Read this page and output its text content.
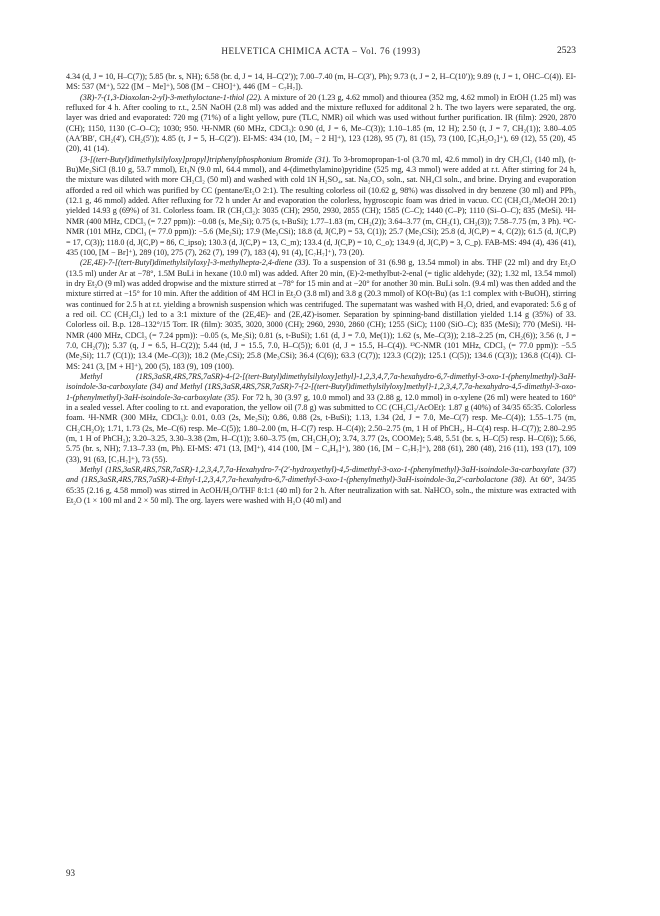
HELVETICA CHIMICA ACTA – Vol. 76 (1993)	2523

4.34 (d, J = 10, H–C(7)); 5.85 (br. s, NH); 6.58 (br. d, J = 14, H–C(2′)); 7.00–7.40 (m, H–C(3′), Ph); 9.73 (t, J = 2, H–C(10′)); 9.89 (t, J = 1, OHC–C(4)). EI-MS: 537 (M⁺), 522 ([M − Me]⁺), 508 ([M − CHO]⁺), 446 ([M − C₇H₇]).

(3R)-7-(1,3-Dioxolan-2-yl)-3-methyloctane-1-thiol (22). A mixture of 20 (1.23 g, 4.62 mmol) and thiourea (352 mg, 4.62 mmol) in EtOH (1.25 ml) was refluxed for 4 h. After cooling to r.t., 2.5N NaOH (2.8 ml) was added and the mixture refluxed for additonal 2 h. The two layers were separated, the org. layer was dried and evaporated: 720 mg (71%) of a light yellow, pure (TLC, NMR) oil which was used without further purification. IR (film): 2920, 2870 (CH); 1150, 1130 (C–O–C); 1030; 950. ¹H-NMR (60 MHz, CDCl₃): 0.90 (d, J = 6, Me–C(3)); 1.10–1.85 (m, 12 H); 2.50 (t, J = 7, CH₂(1)); 3.80–4.05 (AA′BB′, CH₂(4′), CH₂(5′)); 4.85 (t, J = 5, H–C(2′)). EI-MS: 434 (10, [M₂ − 2 H]⁺), 123 (128), 95 (7), 81 (15), 73 (100, [C₃H₅O₂]⁺), 69 (12), 55 (20), 45 (20), 41 (14).

{3-[(tert-Butyl)dimethylsilyloxy]propyl}triphenylphosphonium Bromide (31). To 3-bromopropan-1-ol (3.70 ml, 42.6 mmol) in dry CH₂Cl₂ (140 ml), (t-Bu)Me₂SiCl (8.10 g, 53.7 mmol), Et₃N (9.0 ml, 64.4 mmol), and 4-(dimethylamino)pyridine (525 mg, 4.3 mmol) were added at r.t. After stirring for 24 h, the mixture was diluted with more CH₂Cl₂ (50 ml) and washed with cold 1N H₂SO₄, sat. Na₂CO₃ soln., sat. NH₄Cl soln., and brine. Drying and evaporation afforded a red oil which was purified by CC (pentane/Et₂O 2:1). The resulting colorless oil (10.62 g, 98%) was dissolved in dry benzene (30 ml) and PPh₃ (12.1 g, 46 mmol) added. After refluxing for 72 h under Ar and evaporation the colorless, hygroscopic foam was dried in vacuo. CC (CH₂Cl₂/MeOH 20:1) yielded 14.93 g (69%) of 31. Colorless foam. IR (CH₂Cl₂): 3035 (CH); 2950, 2930, 2855 (CH); 1585 (C–C); 1440 (C–P); 1110 (Si–O–C); 835 (MeSi). ¹H-NMR (400 MHz, CDCl₃ (= 7.27 ppm)): −0.08 (s, Me₂Si); 0.75 (s, t-BuSi); 1.77–1.83 (m, CH₂(2)); 3.64–3.77 (m, CH₂(1), CH₂(3)); 7.58–7.75 (m, 3 Ph). ¹³C-NMR (101 MHz, CDCl₃ (= 77.0 ppm)): −5.6 (Me₂Si); 17.9 (Me₃CSi); 18.8 (d, J(C,P) = 53, C(1)); 25.7 (Me₃CSi); 25.8 (d, J(C,P) = 4, C(2)); 61.5 (d, J(C,P) = 17, C(3)); 118.0 (d, J(C,P) = 86, C_ipso); 130.3 (d, J(C,P) = 13, C_m); 133.4 (d, J(C,P) = 10, C_o); 134.9 (d, J(C,P) = 3, C_p). FAB-MS: 494 (4), 436 (41), 435 (100, [M − Br]⁺), 289 (10), 275 (7), 262 (7), 199 (7), 183 (4), 91 (4), [C₇H₇]⁺), 73 (20).

(2E,4E)-7-[(tert-Butyl)dimethylsilyloxy]-3-methylhepta-2,4-diene (33). To a suspension of 31 (6.98 g, 13.54 mmol) in abs. THF (22 ml) and dry Et₂O (13.5 ml) under Ar at −78°, 1.5M BuLi in hexane (10.0 ml) was added. After 20 min, (E)-2-methylbut-2-enal (= tiglic aldehyde; (32); 1.32 ml, 13.54 mmol) in dry Et₂O (9 ml) was added dropwise and the mixture stirred at −78° for 15 min and at −20° for another 30 min. BuLi soln. (9.4 ml) was then added and the mixture stirred at −15° for 10 min. After the addition of 4M HCl in Et₂O (3.8 ml) and 3.8 g (20.3 mmol) of KO(t-Bu) (as 1:1 complex with t-BuOH), stirring was continued for 2.5 h at r.t. yielding a brownish suspension which was centrifuged. The supernatant was washed with H₂O, dried, and evaporated: 5.6 g of a red oil. CC (CH₂Cl₂) led to a 3:1 mixture of the (2E,4E)- and (2E,4Z)-isomer. Separation by spinning-band distillation yielded 1.14 g (35%) of 33. Colorless oil. B.p. 128–132°/15 Torr. IR (film): 3035, 3020, 3000 (CH); 2960, 2930, 2860 (CH); 1255 (SiC); 1100 (SiO–C); 835 (MeSi); 770 (MeSi). ¹H-NMR (400 MHz, CDCl₃ (= 7.24 ppm)): −0.05 (s, Me₂Si); 0.81 (s, t-BuSi); 1.61 (d, J = 7.0, Me(1)); 1.62 (s, Me–C(3)); 2.18–2.25 (m, CH₂(6)); 3.56 (t, J = 7.0, CH₂(7)); 5.37 (q, J = 6.5, H–C(2)); 5.44 (td, J = 15.5, 7.0, H–C(5)); 6.01 (d, J = 15.5, H–C(4)). ¹³C-NMR (101 MHz, CDCl₃ (= 77.0 ppm)): −5.5 (Me₂Si); 11.7 (C(1)); 13.4 (Me–C(3)); 18.2 (Me₃CSi); 25.8 (Me₃CSi); 36.4 (C(6)); 63.3 (C(7)); 123.3 (C(2)); 125.1 (C(5)); 134.6 (C(3)); 136.8 (C(4)). CI-MS: 241 (3, [M + H]⁺), 200 (5), 183 (9), 109 (100).

Methyl (1RS,3aSR,4RS,7RS,7aSR)-4-{2-[(tert-Butyl)dimethylsilyloxy]ethyl}-1,2,3,4,7,7a-hexahydro-6,7-dimethyl-3-oxo-1-(phenylmethyl)-3aH-isoindole-3a-carboxylate (34) and Methyl (1RS,3aSR,4RS,7SR,7aSR)-7-{2-[(tert-Butyl)dimethylsilyloxy]methyl}-1,2,3,4,7,7a-hexahydro-4,5-dimethyl-3-oxo-1-(phenylmethyl)-3aH-isoindole-3a-carboxylate (35). For 72 h, 30 (3.97 g, 10.0 mmol) and 33 (2.88 g, 12.0 mmol) in o-xylene (26 ml) were heated to 160° in a sealed vessel. After cooling to r.t. and evaporation, the yellow oil (7.8 g) was submitted to CC (CH₂Cl₂/AcOEt): 1.87 g (40%) of 34/35 65:35. Colorless foam. ¹H-NMR (300 MHz, CDCl₃): 0.01, 0.03 (2s, Me₂Si); 0.86, 0.88 (2s, t-BuSi); 1.13, 1.34 (2d, J = 7.0, Me–C(7) resp. Me–C(4)); 1.55–1.75 (m, CH₂CH₂O); 1.71, 1.73 (2s, Me–C(6) resp. Me–C(5)); 1.80–2.00 (m, H–C(7) resp. H–C(4)); 2.50–2.75 (m, 1 H of PhCH₂, H–C(4) resp. H–C(7)); 2.80–2.95 (m, 1 H of PhCH₂); 3.20–3.25, 3.30–3.38 (2m, H–C(1)); 3.60–3.75 (m, CH₂CH₂O); 3.74, 3.77 (2s, COOMe); 5.48, 5.51 (br. s, H–C(5) resp. H–C(6)); 5.66, 5.75 (br. s, NH); 7.13–7.33 (m, Ph). EI-MS: 471 (13, [M]⁺), 414 (100, [M − C₄H₉]⁺), 380 (16, [M − C₇H₇]⁺), 288 (61), 280 (48), 216 (11), 193 (17), 109 (33), 91 (63, [C₇H₇]⁺), 73 (55).

Methyl (1RS,3aSR,4RS,7SR,7aSR)-1,2,3,4,7,7a-Hexahydro-7-(2′-hydroxyethyl)-4,5-dimethyl-3-oxo-1-(phenylmethyl)-3aH-isoindole-3a-carboxylate (37) and (1RS,3aSR,4RS,7RS,7aSR)-4-Ethyl-1,2,3,4,7,7a-hexahydro-6,7-dimethyl-3-oxo-1-(phenylmethyl)-3aH-isoindole-3a,2′-carbolactone (38). At 60°, 34/35 65:35 (2.16 g, 4.58 mmol) was stirred in AcOH/H₂O/THF 8:1:1 (40 ml) for 2 h. After neutralization with sat. NaHCO₃ soln., the mixture was extracted with Et₂O (1 × 100 ml and 2 × 50 ml). The org. layers were washed with H₂O (40 ml) and

93
